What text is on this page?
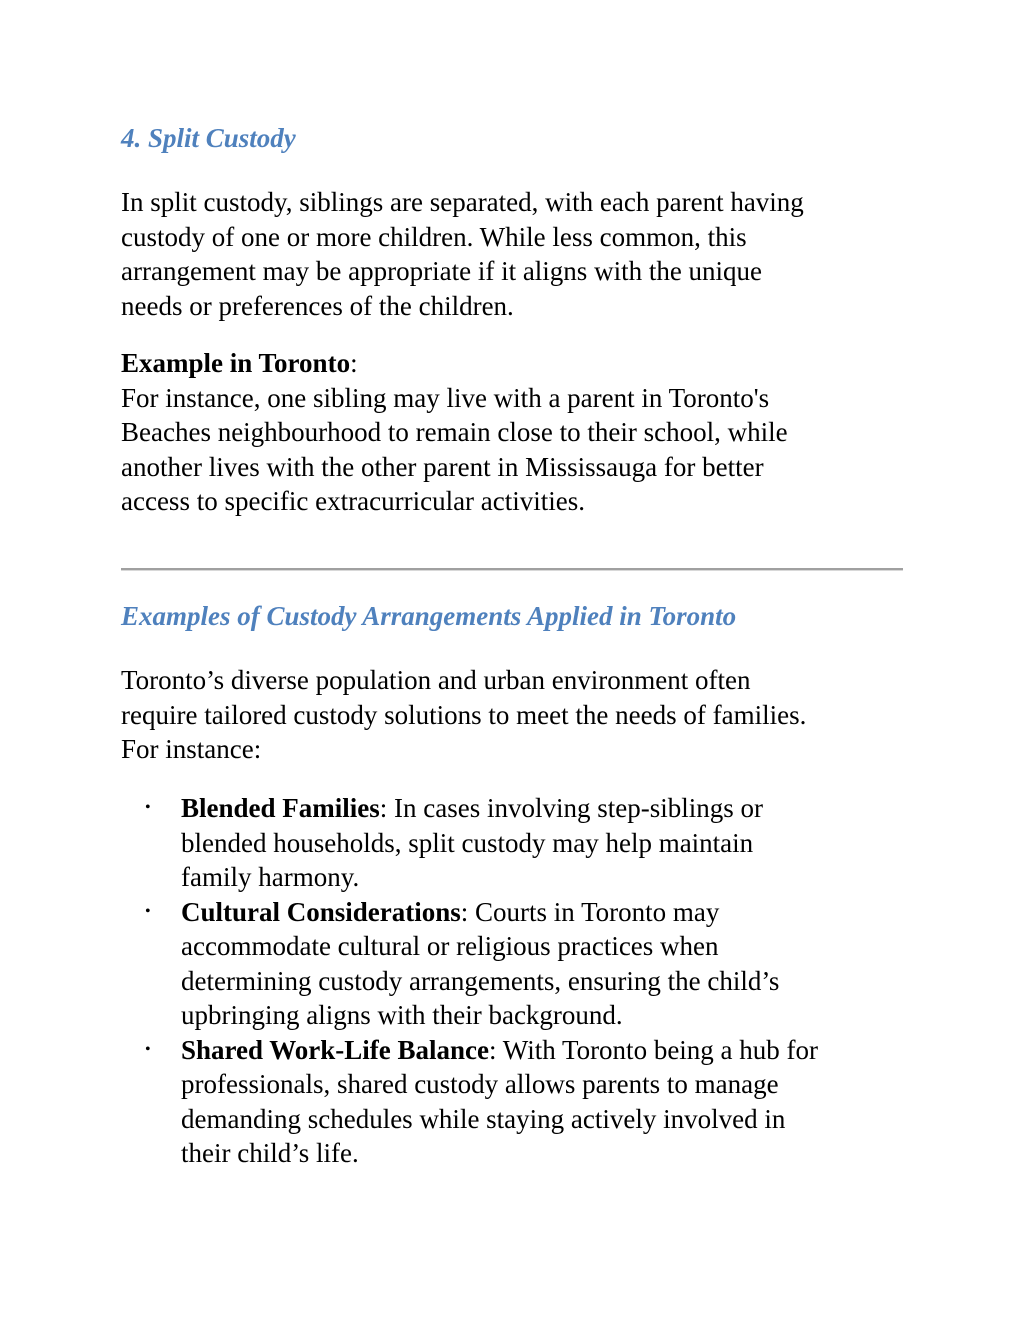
4. Split Custody
In split custody, siblings are separated, with each parent having
custody of one or more children. While less common, this
arrangement may be appropriate if it aligns with the unique
needs or preferences of the children.
Example in Toronto:
For instance, one sibling may live with a parent in Toronto's
Beaches neighbourhood to remain close to their school, while
another lives with the other parent in Mississauga for better
access to specific extracurricular activities.
Examples of Custody Arrangements Applied in Toronto
Toronto’s diverse population and urban environment often
require tailored custody solutions to meet the needs of families.
For instance:
• Blended Families: In cases involving step-siblings or
blended households, split custody may help maintain
family harmony.
• Cultural Considerations: Courts in Toronto may
accommodate cultural or religious practices when
determining custody arrangements, ensuring the child’s
upbringing aligns with their background.
• Shared Work-Life Balance: With Toronto being a hub for
professionals, shared custody allows parents to manage
demanding schedules while staying actively involved in
their child’s life.
